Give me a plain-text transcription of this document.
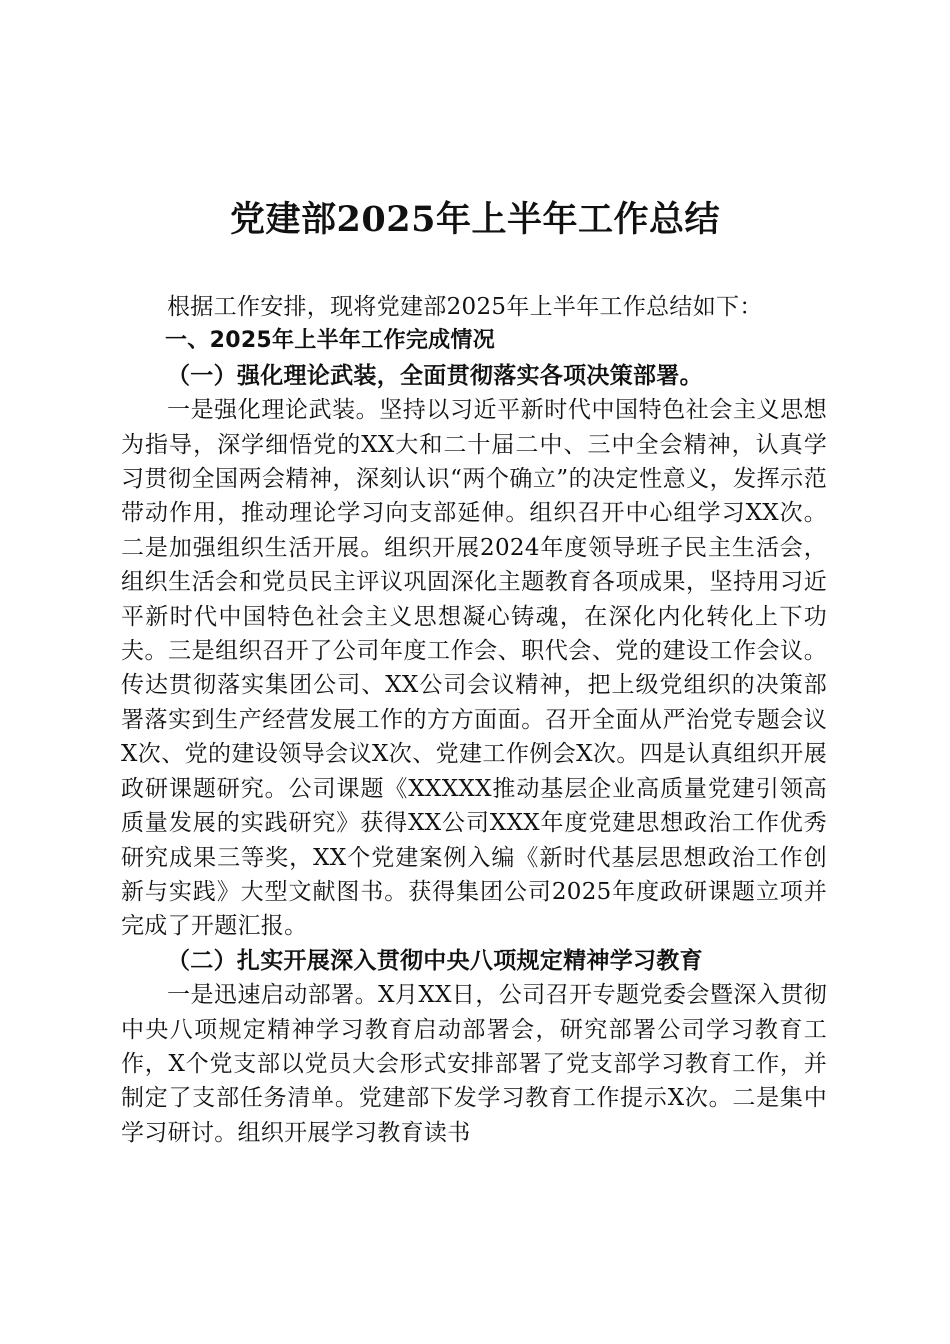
党建部2025年上半年工作总结

根据工作安排，现将党建部2025年上半年工作总结如下：

一、2025年上半年工作完成情况

（一）强化理论武装，全面贯彻落实各项决策部署。

一是强化理论武装。坚持以习近平新时代中国特色社会主义思想为指导，深学细悟党的XX大和二十届二中、三中全会精神，认真学习贯彻全国两会精神，深刻认识“两个确立”的决定性意义，发挥示范带动作用，推动理论学习向支部延伸。组织召开中心组学习XX次。二是加强组织生活开展。组织开展2024年度领导班子民主生活会，组织生活会和党员民主评议巩固深化主题教育各项成果，坚持用习近平新时代中国特色社会主义思想凝心铸魂，在深化内化转化上下功夫。三是组织召开了公司年度工作会、职代会、党的建设工作会议。传达贯彻落实集团公司、XX公司会议精神，把上级党组织的决策部署落实到生产经营发展工作的方方面面。召开全面从严治党专题会议X次、党的建设领导会议X次、党建工作例会X次。四是认真组织开展政研课题研究。公司课题《XXXXX推动基层企业高质量党建引领高质量发展的实践研究》获得XX公司XXX年度党建思想政治工作优秀研究成果三等奖，XX个党建案例入编《新时代基层思想政治工作创新与实践》大型文献图书。获得集团公司2025年度政研课题立项并完成了开题汇报。

（二）扎实开展深入贯彻中央八项规定精神学习教育

一是迅速启动部署。X月XX日，公司召开专题党委会暨深入贯彻中央八项规定精神学习教育启动部署会，研究部署公司学习教育工作，X个党支部以党员大会形式安排部署了党支部学习教育工作，并制定了支部任务清单。党建部下发学习教育工作提示X次。二是集中学习研讨。组织开展学习教育读书
